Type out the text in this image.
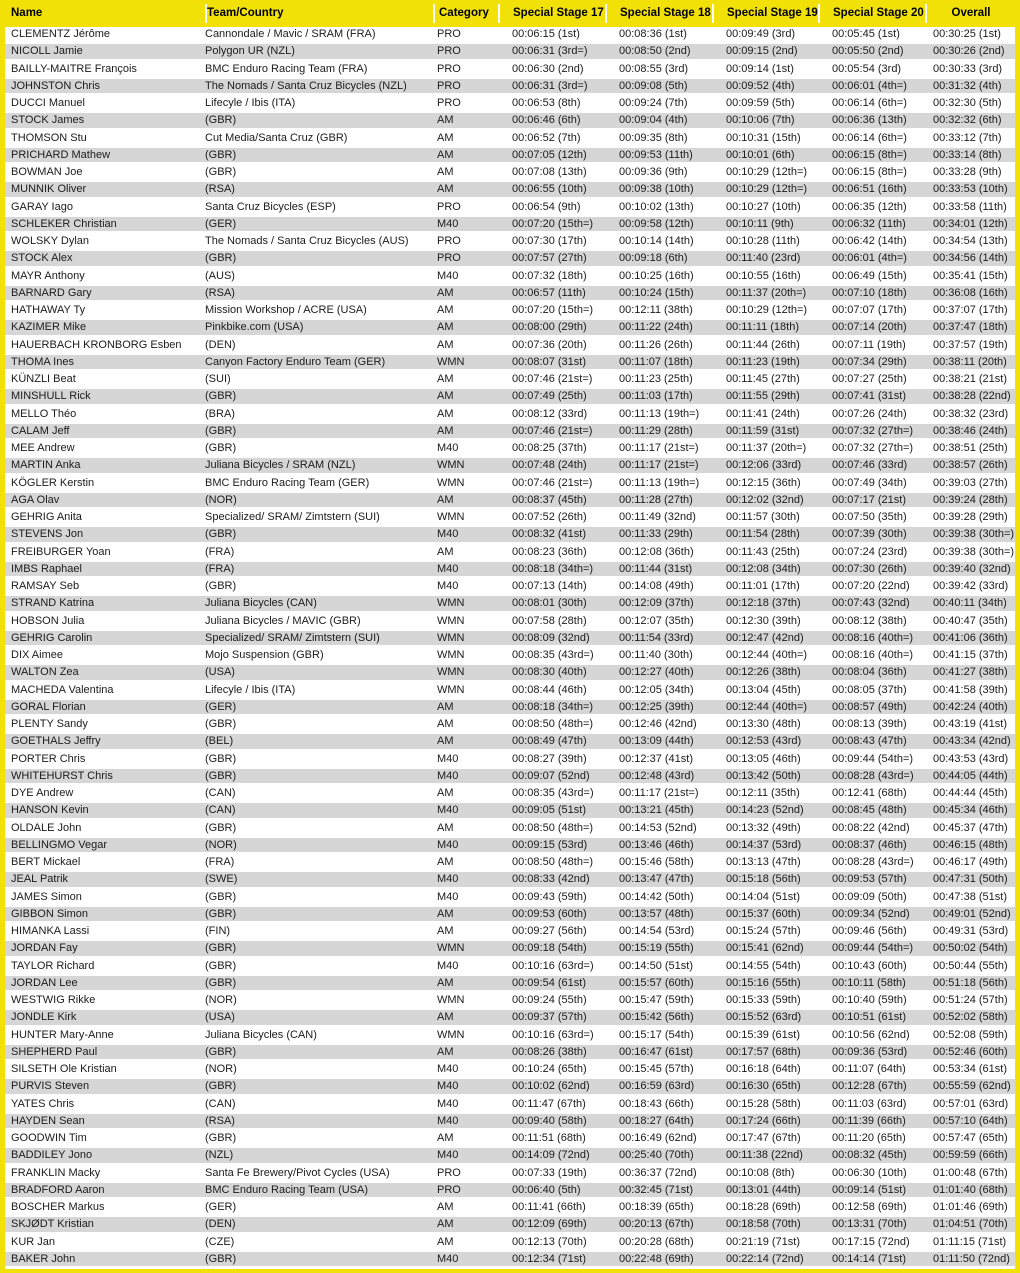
Name	Team/Country	Category	Special Stage 17	Special Stage 18	Special Stage 19	Special Stage 20	Overall
CLEMENTZ Jérôme	Cannondale / Mavic / SRAM (FRA)	PRO	00:06:15 (1st)	00:08:36 (1st)	00:09:49 (3rd)	00:05:45 (1st)	00:30:25 (1st)
NICOLL Jamie	Polygon UR (NZL)	PRO	00:06:31 (3rd=)	00:08:50 (2nd)	00:09:15 (2nd)	00:05:50 (2nd)	00:30:26 (2nd)
BAILLY-MAITRE François	BMC Enduro Racing Team (FRA)	PRO	00:06:30 (2nd)	00:08:55 (3rd)	00:09:14 (1st)	00:05:54 (3rd)	00:30:33 (3rd)
JOHNSTON Chris	The Nomads / Santa Cruz Bicycles (NZL)	PRO	00:06:31 (3rd=)	00:09:08 (5th)	00:09:52 (4th)	00:06:01 (4th=)	00:31:32 (4th)
DUCCI Manuel	Lifecyle / Ibis (ITA)	PRO	00:06:53 (8th)	00:09:24 (7th)	00:09:59 (5th)	00:06:14 (6th=)	00:32:30 (5th)
STOCK James	(GBR)	AM	00:06:46 (6th)	00:09:04 (4th)	00:10:06 (7th)	00:06:36 (13th)	00:32:32 (6th)
THOMSON Stu	Cut Media/Santa Cruz (GBR)	AM	00:06:52 (7th)	00:09:35 (8th)	00:10:31 (15th)	00:06:14 (6th=)	00:33:12 (7th)
PRICHARD Mathew	(GBR)	AM	00:07:05 (12th)	00:09:53 (11th)	00:10:01 (6th)	00:06:15 (8th=)	00:33:14 (8th)
BOWMAN Joe	(GBR)	AM	00:07:08 (13th)	00:09:36 (9th)	00:10:29 (12th=)	00:06:15 (8th=)	00:33:28 (9th)
MUNNIK Oliver	(RSA)	AM	00:06:55 (10th)	00:09:38 (10th)	00:10:29 (12th=)	00:06:51 (16th)	00:33:53 (10th)
GARAY Iago	Santa Cruz Bicycles (ESP)	PRO	00:06:54 (9th)	00:10:02 (13th)	00:10:27 (10th)	00:06:35 (12th)	00:33:58 (11th)
SCHLEKER Christian	(GER)	M40	00:07:20 (15th=)	00:09:58 (12th)	00:10:11 (9th)	00:06:32 (11th)	00:34:01 (12th)
WOLSKY Dylan	The Nomads / Santa Cruz Bicycles (AUS)	PRO	00:07:30 (17th)	00:10:14 (14th)	00:10:28 (11th)	00:06:42 (14th)	00:34:54 (13th)
STOCK Alex	(GBR)	PRO	00:07:57 (27th)	00:09:18 (6th)	00:11:40 (23rd)	00:06:01 (4th=)	00:34:56 (14th)
MAYR Anthony	(AUS)	M40	00:07:32 (18th)	00:10:25 (16th)	00:10:55 (16th)	00:06:49 (15th)	00:35:41 (15th)
BARNARD Gary	(RSA)	AM	00:06:57 (11th)	00:10:24 (15th)	00:11:37 (20th=)	00:07:10 (18th)	00:36:08 (16th)
HATHAWAY Ty	Mission Workshop / ACRE (USA)	AM	00:07:20 (15th=)	00:12:11 (38th)	00:10:29 (12th=)	00:07:07 (17th)	00:37:07 (17th)
KAZIMER Mike	Pinkbike.com (USA)	AM	00:08:00 (29th)	00:11:22 (24th)	00:11:11 (18th)	00:07:14 (20th)	00:37:47 (18th)
HAUERBACH KRONBORG Esben	(DEN)	AM	00:07:36 (20th)	00:11:26 (26th)	00:11:44 (26th)	00:07:11 (19th)	00:37:57 (19th)
THOMA Ines	Canyon Factory Enduro Team (GER)	WMN	00:08:07 (31st)	00:11:07 (18th)	00:11:23 (19th)	00:07:34 (29th)	00:38:11 (20th)
KÜNZLI Beat	(SUI)	AM	00:07:46 (21st=)	00:11:23 (25th)	00:11:45 (27th)	00:07:27 (25th)	00:38:21 (21st)
MINSHULL Rick	(GBR)	AM	00:07:49 (25th)	00:11:03 (17th)	00:11:55 (29th)	00:07:41 (31st)	00:38:28 (22nd)
MELLO Théo	(BRA)	AM	00:08:12 (33rd)	00:11:13 (19th=)	00:11:41 (24th)	00:07:26 (24th)	00:38:32 (23rd)
CALAM Jeff	(GBR)	AM	00:07:46 (21st=)	00:11:29 (28th)	00:11:59 (31st)	00:07:32 (27th=)	00:38:46 (24th)
MEE Andrew	(GBR)	M40	00:08:25 (37th)	00:11:17 (21st=)	00:11:37 (20th=)	00:07:32 (27th=)	00:38:51 (25th)
MARTIN Anka	Juliana Bicycles / SRAM (NZL)	WMN	00:07:48 (24th)	00:11:17 (21st=)	00:12:06 (33rd)	00:07:46 (33rd)	00:38:57 (26th)
KÖGLER Kerstin	BMC Enduro Racing Team (GER)	WMN	00:07:46 (21st=)	00:11:13 (19th=)	00:12:15 (36th)	00:07:49 (34th)	00:39:03 (27th)
AGA Olav	(NOR)	AM	00:08:37 (45th)	00:11:28 (27th)	00:12:02 (32nd)	00:07:17 (21st)	00:39:24 (28th)
GEHRIG Anita	Specialized/ SRAM/ Zimtstern (SUI)	WMN	00:07:52 (26th)	00:11:49 (32nd)	00:11:57 (30th)	00:07:50 (35th)	00:39:28 (29th)
STEVENS Jon	(GBR)	M40	00:08:32 (41st)	00:11:33 (29th)	00:11:54 (28th)	00:07:39 (30th)	00:39:38 (30th=)
FREIBURGER Yoan	(FRA)	AM	00:08:23 (36th)	00:12:08 (36th)	00:11:43 (25th)	00:07:24 (23rd)	00:39:38 (30th=)
IMBS Raphael	(FRA)	M40	00:08:18 (34th=)	00:11:44 (31st)	00:12:08 (34th)	00:07:30 (26th)	00:39:40 (32nd)
RAMSAY Seb	(GBR)	M40	00:07:13 (14th)	00:14:08 (49th)	00:11:01 (17th)	00:07:20 (22nd)	00:39:42 (33rd)
STRAND Katrina	Juliana Bicycles (CAN)	WMN	00:08:01 (30th)	00:12:09 (37th)	00:12:18 (37th)	00:07:43 (32nd)	00:40:11 (34th)
HOBSON Julia	Juliana Bicycles / MAVIC (GBR)	WMN	00:07:58 (28th)	00:12:07 (35th)	00:12:30 (39th)	00:08:12 (38th)	00:40:47 (35th)
GEHRIG Carolin	Specialized/ SRAM/ Zimtstern (SUI)	WMN	00:08:09 (32nd)	00:11:54 (33rd)	00:12:47 (42nd)	00:08:16 (40th=)	00:41:06 (36th)
DIX Aimee	Mojo Suspension (GBR)	WMN	00:08:35 (43rd=)	00:11:40 (30th)	00:12:44 (40th=)	00:08:16 (40th=)	00:41:15 (37th)
WALTON Zea	(USA)	WMN	00:08:30 (40th)	00:12:27 (40th)	00:12:26 (38th)	00:08:04 (36th)	00:41:27 (38th)
MACHEDA Valentina	Lifecyle / Ibis (ITA)	WMN	00:08:44 (46th)	00:12:05 (34th)	00:13:04 (45th)	00:08:05 (37th)	00:41:58 (39th)
GORAL Florian	(GER)	AM	00:08:18 (34th=)	00:12:25 (39th)	00:12:44 (40th=)	00:08:57 (49th)	00:42:24 (40th)
PLENTY Sandy	(GBR)	AM	00:08:50 (48th=)	00:12:46 (42nd)	00:13:30 (48th)	00:08:13 (39th)	00:43:19 (41st)
GOETHALS Jeffry	(BEL)	AM	00:08:49 (47th)	00:13:09 (44th)	00:12:53 (43rd)	00:08:43 (47th)	00:43:34 (42nd)
PORTER Chris	(GBR)	M40	00:08:27 (39th)	00:12:37 (41st)	00:13:05 (46th)	00:09:44 (54th=)	00:43:53 (43rd)
WHITEHURST Chris	(GBR)	M40	00:09:07 (52nd)	00:12:48 (43rd)	00:13:42 (50th)	00:08:28 (43rd=)	00:44:05 (44th)
DYE Andrew	(CAN)	AM	00:08:35 (43rd=)	00:11:17 (21st=)	00:12:11 (35th)	00:12:41 (68th)	00:44:44 (45th)
HANSON Kevin	(CAN)	M40	00:09:05 (51st)	00:13:21 (45th)	00:14:23 (52nd)	00:08:45 (48th)	00:45:34 (46th)
OLDALE John	(GBR)	AM	00:08:50 (48th=)	00:14:53 (52nd)	00:13:32 (49th)	00:08:22 (42nd)	00:45:37 (47th)
BELLINGMO Vegar	(NOR)	M40	00:09:15 (53rd)	00:13:46 (46th)	00:14:37 (53rd)	00:08:37 (46th)	00:46:15 (48th)
BERT Mickael	(FRA)	AM	00:08:50 (48th=)	00:15:46 (58th)	00:13:13 (47th)	00:08:28 (43rd=)	00:46:17 (49th)
JEAL Patrik	(SWE)	M40	00:08:33 (42nd)	00:13:47 (47th)	00:15:18 (56th)	00:09:53 (57th)	00:47:31 (50th)
JAMES Simon	(GBR)	M40	00:09:43 (59th)	00:14:42 (50th)	00:14:04 (51st)	00:09:09 (50th)	00:47:38 (51st)
GIBBON Simon	(GBR)	AM	00:09:53 (60th)	00:13:57 (48th)	00:15:37 (60th)	00:09:34 (52nd)	00:49:01 (52nd)
HIMANKA Lassi	(FIN)	AM	00:09:27 (56th)	00:14:54 (53rd)	00:15:24 (57th)	00:09:46 (56th)	00:49:31 (53rd)
JORDAN Fay	(GBR)	WMN	00:09:18 (54th)	00:15:19 (55th)	00:15:41 (62nd)	00:09:44 (54th=)	00:50:02 (54th)
TAYLOR Richard	(GBR)	M40	00:10:16 (63rd=)	00:14:50 (51st)	00:14:55 (54th)	00:10:43 (60th)	00:50:44 (55th)
JORDAN Lee	(GBR)	AM	00:09:54 (61st)	00:15:57 (60th)	00:15:16 (55th)	00:10:11 (58th)	00:51:18 (56th)
WESTWIG Rikke	(NOR)	WMN	00:09:24 (55th)	00:15:47 (59th)	00:15:33 (59th)	00:10:40 (59th)	00:51:24 (57th)
JONDLE Kirk	(USA)	AM	00:09:37 (57th)	00:15:42 (56th)	00:15:52 (63rd)	00:10:51 (61st)	00:52:02 (58th)
HUNTER Mary-Anne	Juliana Bicycles (CAN)	WMN	00:10:16 (63rd=)	00:15:17 (54th)	00:15:39 (61st)	00:10:56 (62nd)	00:52:08 (59th)
SHEPHERD Paul	(GBR)	AM	00:08:26 (38th)	00:16:47 (61st)	00:17:57 (68th)	00:09:36 (53rd)	00:52:46 (60th)
SILSETH Ole Kristian	(NOR)	M40	00:10:24 (65th)	00:15:45 (57th)	00:16:18 (64th)	00:11:07 (64th)	00:53:34 (61st)
PURVIS Steven	(GBR)	M40	00:10:02 (62nd)	00:16:59 (63rd)	00:16:30 (65th)	00:12:28 (67th)	00:55:59 (62nd)
YATES Chris	(CAN)	M40	00:11:47 (67th)	00:18:43 (66th)	00:15:28 (58th)	00:11:03 (63rd)	00:57:01 (63rd)
HAYDEN Sean	(RSA)	M40	00:09:40 (58th)	00:18:27 (64th)	00:17:24 (66th)	00:11:39 (66th)	00:57:10 (64th)
GOODWIN Tim	(GBR)	AM	00:11:51 (68th)	00:16:49 (62nd)	00:17:47 (67th)	00:11:20 (65th)	00:57:47 (65th)
BADDILEY Jono	(NZL)	M40	00:14:09 (72nd)	00:25:40 (70th)	00:11:38 (22nd)	00:08:32 (45th)	00:59:59 (66th)
FRANKLIN Macky	Santa Fe Brewery/Pivot Cycles (USA)	PRO	00:07:33 (19th)	00:36:37 (72nd)	00:10:08 (8th)	00:06:30 (10th)	01:00:48 (67th)
BRADFORD Aaron	BMC Enduro Racing Team (USA)	PRO	00:06:40 (5th)	00:32:45 (71st)	00:13:01 (44th)	00:09:14 (51st)	01:01:40 (68th)
BOSCHER Markus	(GER)	AM	00:11:41 (66th)	00:18:39 (65th)	00:18:28 (69th)	00:12:58 (69th)	01:01:46 (69th)
SKJØDT Kristian	(DEN)	AM	00:12:09 (69th)	00:20:13 (67th)	00:18:58 (70th)	00:13:31 (70th)	01:04:51 (70th)
KUR Jan	(CZE)	AM	00:12:13 (70th)	00:20:28 (68th)	00:21:19 (71st)	00:17:15 (72nd)	01:11:15 (71st)
BAKER John	(GBR)	M40	00:12:34 (71st)	00:22:48 (69th)	00:22:14 (72nd)	00:14:14 (71st)	01:11:50 (72nd)
